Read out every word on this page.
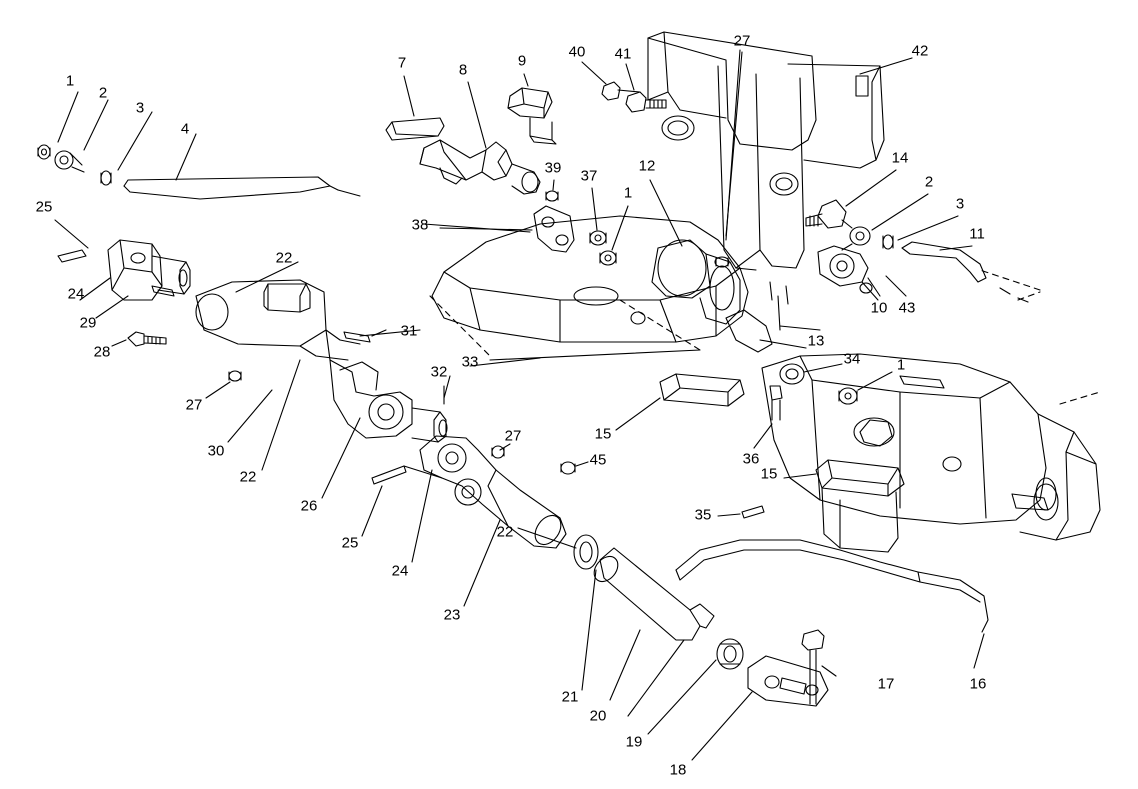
1
2
3
4
25
24
29
28
27
30
22
22
26
25
24
23
22
21
20
19
18
17	16
35
15
15
36
45
27
32
31
33
13
34 1
14
2
3
11
10 43
12
1
37
39
38
7	8
9
40 41
27
42
